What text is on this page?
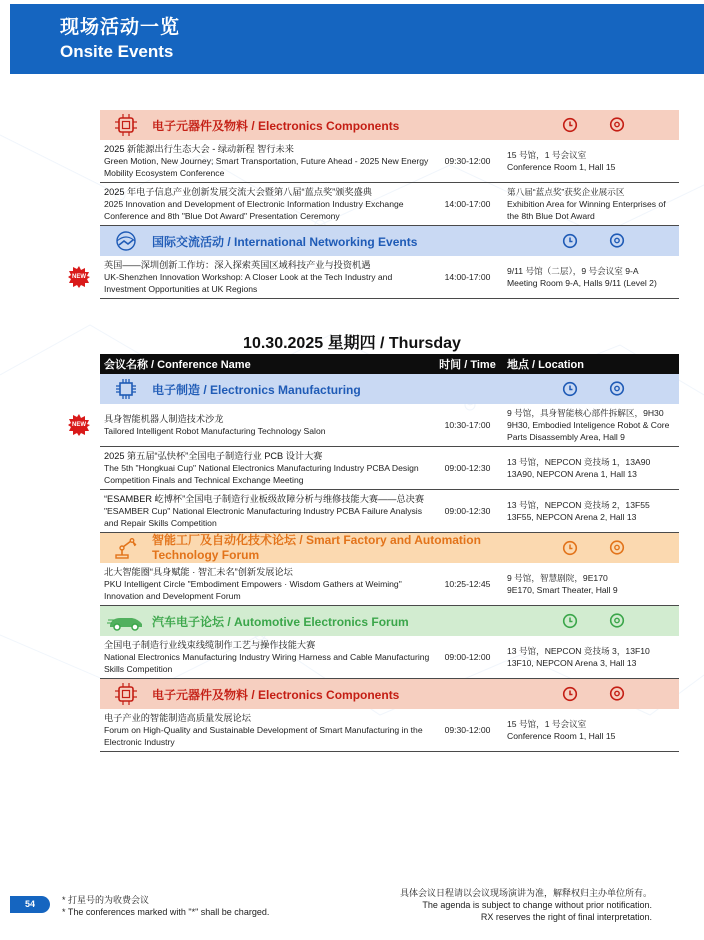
现场活动一览
Onsite Events
电子元器件及物料 / Electronics Components
2025 新能源出行生态大会 - 绿动新程 智行未来
Green Motion, New Journey; Smart Transportation, Future Ahead - 2025 New Energy Mobility Ecosystem Conference
09:30-12:00
15 号馆，1 号会议室
Conference Room 1, Hall 15
2025 年电子信息产业创新发展交流大会暨第八届“蓝点奖”颁奖盛典
2025 Innovation and Development of Electronic Information Industry Exchange Conference and 8th "Blue Dot Award" Presentation Ceremony
14:00-17:00
第八届“蓝点奖”获奖企业展示区
Exhibition Area for Winning Enterprises of the 8th Blue Dot Award
国际交流活动 / International Networking Events
英国——深圳创新工作坊：深入探索英国区域科技产业与投资机遇
UK-Shenzhen Innovation Workshop: A Closer Look at the Tech Industry and Investment Opportunities at UK Regions
14:00-17:00
9/11 号馆（二层），9 号会议室 9-A
Meeting Room 9-A, Halls 9/11 (Level 2)
NEW
10.30.2025 星期四 / Thursday
会议名称 / Conference Name	时间 / Time	地点 / Location
电子制造 / Electronics Manufacturing
具身智能机器人制造技术沙龙
Tailored Intelligent Robot Manufacturing Technology Salon
10:30-17:00
9 号馆，具身智能核心部件拆解区，9H30
9H30, Embodied Inteligence Robot & Core Parts Disassembly Area, Hall 9
NEW
2025 第五届“弘快杯”全国电子制造行业 PCB 设计大赛
The 5th "Hongkuai Cup" National Electronics Manufacturing Industry PCBA Design Competition Finals and Technical Exchange Meeting
09:00-12:30
13 号馆，NEPCON 竞技场 1，13A90
13A90, NEPCON Arena 1, Hall 13
“ESAMBER 屹博杯”全国电子制造行业板级故障分析与维修技能大赛——总决赛
"ESAMBER Cup" National Electronic Manufacturing Industry PCBA Failure Analysis and Repair Skills Competition
09:00-12:30
13 号馆，NEPCON 竞技场 2，13F55
13F55, NEPCON Arena 2, Hall 13
智能工厂及自动化技术论坛 / Smart Factory and Automation Technology Forum
北大智能圈“具身赋能 · 智汇未名”创新发展论坛
PKU Intelligent Circle "Embodiment Empowers · Wisdom Gathers at Weiming" Innovation and Development Forum
10:25-12:45
9 号馆，智慧剧院，9E170
9E170, Smart Theater, Hall 9
汽车电子论坛 / Automotive Electronics Forum
全国电子制造行业线束线缆制作工艺与操作技能大赛
National Electronics Manufacturing Industry Wiring Harness and Cable Manufacturing Skills Competition
09:00-12:00
13 号馆，NEPCON 竞技场 3，13F10
13F10, NEPCON Arena 3, Hall 13
电子元器件及物料 / Electronics Components
电子产业的智能制造高质量发展论坛
Forum on High-Quality and Sustainable Development of Smart Manufacturing in the Electronic Industry
09:30-12:00
15 号馆，1 号会议室
Conference Room 1, Hall 15
54	* 打星号的为收费会议
* The conferences marked with "*" shall be charged.
具体会议日程请以会议现场演讲为准，解释权归主办单位所有。
The agenda is subject to change without prior notification.
RX reserves the right of final interpretation.
